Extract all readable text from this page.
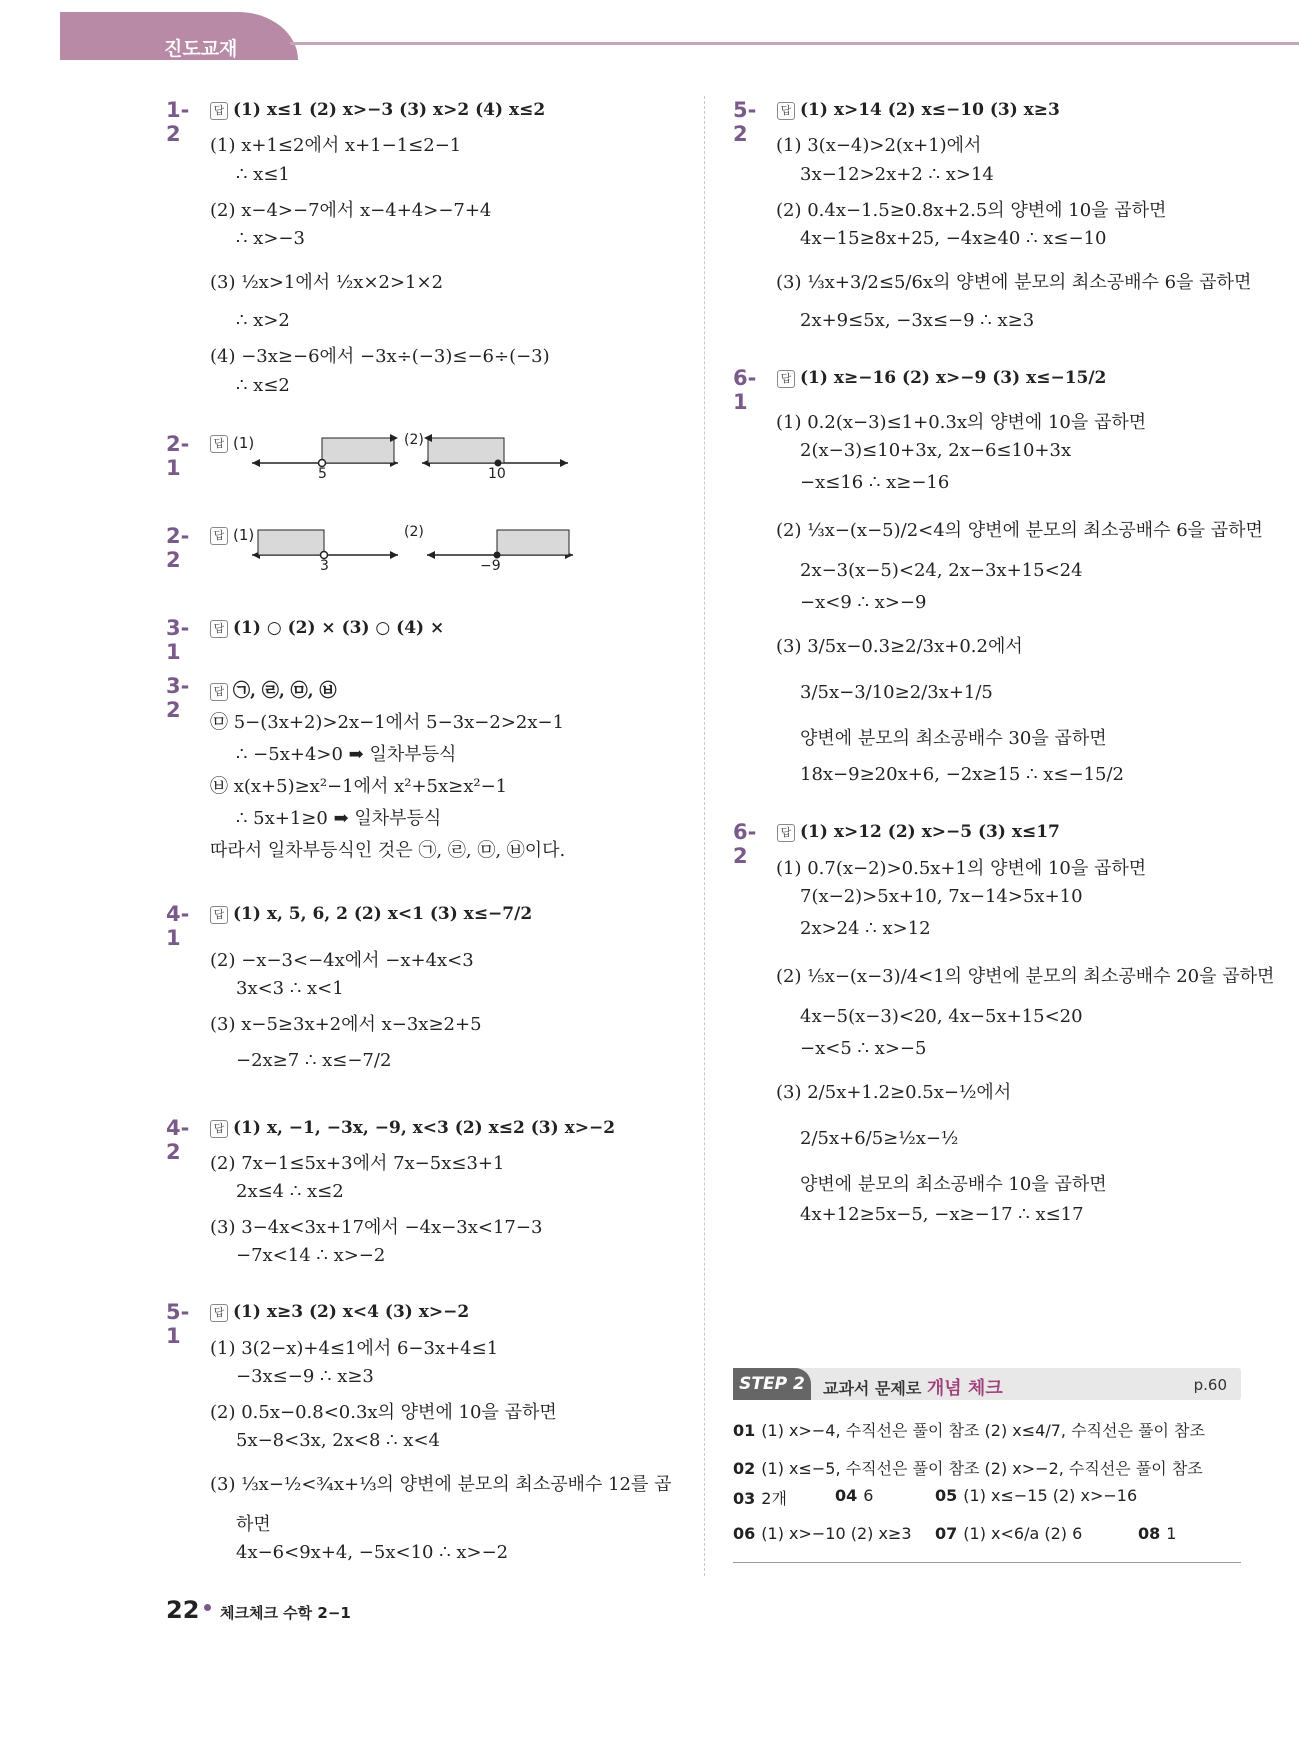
진도교재
1-2
답 (1) x≤1 (2) x>−3 (3) x>2 (4) x≤2
(1) x+1≤2에서 x+1−1≤2−1
∴ x≤1
(2) x−4>−7에서 x−4+4>−7+4
∴ x>−3
(3) ½x>1에서 ½x×2>1×2
∴ x>2
(4) −3x≥−6에서 −3x÷(−3)≤−6÷(−3)
∴ x≤2
2-1
답 (1)
5
(2)
10
2-2
답 (1)
3
(2)
−9
3-1
답 (1) ○ (2) × (3) ○ (4) ×
3-2
답 ㉠, ㉣, ㉤, ㉥
㉤ 5−(3x+2)>2x−1에서 5−3x−2>2x−1
∴ −5x+4>0 ➡ 일차부등식
㉥ x(x+5)≥x²−1에서 x²+5x≥x²−1
∴ 5x+1≥0 ➡ 일차부등식
따라서 일차부등식인 것은 ㉠, ㉣, ㉤, ㉥이다.
4-1
답 (1) x, 5, 6, 2 (2) x<1 (3) x≤−7/2
(2) −x−3<−4x에서 −x+4x<3
3x<3 ∴ x<1
(3) x−5≥3x+2에서 x−3x≥2+5
−2x≥7 ∴ x≤−7/2
4-2
답 (1) x, −1, −3x, −9, x<3 (2) x≤2 (3) x>−2
(2) 7x−1≤5x+3에서 7x−5x≤3+1
2x≤4 ∴ x≤2
(3) 3−4x<3x+17에서 −4x−3x<17−3
−7x<14 ∴ x>−2
5-1
답 (1) x≥3 (2) x<4 (3) x>−2
(1) 3(2−x)+4≤1에서 6−3x+4≤1
−3x≤−9 ∴ x≥3
(2) 0.5x−0.8<0.3x의 양변에 10을 곱하면
5x−8<3x, 2x<8 ∴ x<4
(3) ⅓x−½<¾x+⅓의 양변에 분모의 최소공배수 12를 곱
하면
4x−6<9x+4, −5x<10 ∴ x>−2
5-2
답 (1) x>14 (2) x≤−10 (3) x≥3
(1) 3(x−4)>2(x+1)에서
3x−12>2x+2 ∴ x>14
(2) 0.4x−1.5≥0.8x+2.5의 양변에 10을 곱하면
4x−15≥8x+25, −4x≥40 ∴ x≤−10
(3) ⅓x+3/2≤5/6x의 양변에 분모의 최소공배수 6을 곱하면
2x+9≤5x, −3x≤−9 ∴ x≥3
6-1
답 (1) x≥−16 (2) x>−9 (3) x≤−15/2
(1) 0.2(x−3)≤1+0.3x의 양변에 10을 곱하면
2(x−3)≤10+3x, 2x−6≤10+3x
−x≤16 ∴ x≥−16
(2) ⅓x−(x−5)/2<4의 양변에 분모의 최소공배수 6을 곱하면
2x−3(x−5)<24, 2x−3x+15<24
−x<9 ∴ x>−9
(3) 3/5x−0.3≥2/3x+0.2에서
3/5x−3/10≥2/3x+1/5
양변에 분모의 최소공배수 30을 곱하면
18x−9≥20x+6, −2x≥15 ∴ x≤−15/2
6-2
답 (1) x>12 (2) x>−5 (3) x≤17
(1) 0.7(x−2)>0.5x+1의 양변에 10을 곱하면
7(x−2)>5x+10, 7x−14>5x+10
2x>24 ∴ x>12
(2) ⅕x−(x−3)/4<1의 양변에 분모의 최소공배수 20을 곱하면
4x−5(x−3)<20, 4x−5x+15<20
−x<5 ∴ x>−5
(3) 2/5x+1.2≥0.5x−½에서
2/5x+6/5≥½x−½
양변에 분모의 최소공배수 10을 곱하면
4x+12≥5x−5, −x≥−17 ∴ x≤17
STEP 2	교과서 문제로 개념 체크	p.60
01 (1) x>−4, 수직선은 풀이 참조 (2) x≤4/7, 수직선은 풀이 참조
02 (1) x≤−5, 수직선은 풀이 참조 (2) x>−2, 수직선은 풀이 참조
03 2개	04 6	05 (1) x≤−15 (2) x>−16
06 (1) x>−10 (2) x≥3 07 (1) x<6/a (2) 6	08 1
22 체크체크 수학 2−1
